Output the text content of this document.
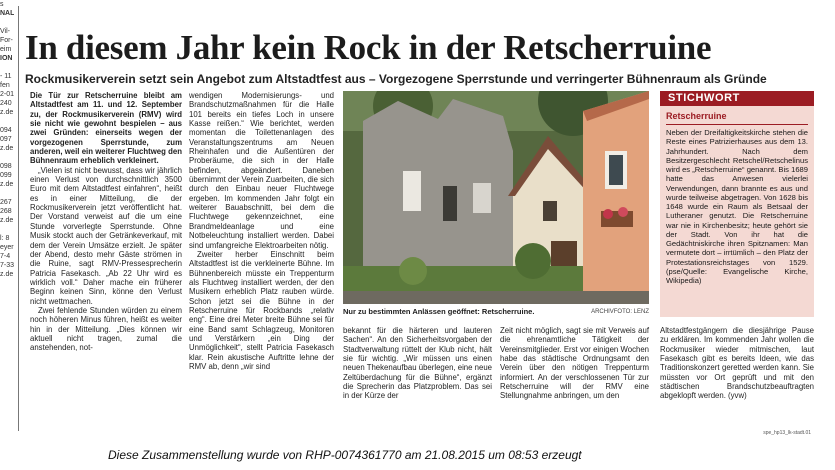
s
NAL
Vil-
For-
eim
ION
- 11
fen
2-01
240
z.de
094
097
z.de
098
099
z.de
267
268
z.de
l: 8
eyer
7-4
7-33
z.de
In diesem Jahr kein Rock in der Retscherruine
Rockmusikerverein setzt sein Angebot zum Altstadtfest aus – Vorgezogene Sperrstunde und verringerter Bühnenraum als Gründe

Die Tür zur Retscherruine bleibt am Altstadtfest am 11. und 12. September zu, der Rockmusikerverein (RMV) wird sie nicht wie gewohnt bespielen – aus zwei Gründen: einerseits wegen der vorgezogenen Sperrstunde, zum anderen, weil ein weiterer Fluchtweg den Bühnenraum erheblich verkleinert.

„Vielen ist nicht bewusst, dass wir jährlich einen Verlust von durchschnittlich 3500 Euro mit dem Altstadtfest einfahren“, heißt es in einer Mitteilung, die der Rockmusikerverein jetzt veröffentlicht hat. Der Vorstand verweist auf die um eine Stunde vorverlegte Sperrstunde. Ohne Musik stockt auch der Getränkeverkauf, mit dem der Verein Umsätze erzielt. Je später der Abend, desto mehr Gäste strömen in die Ruine, sagt RMV-Pressesprecherin Patricia Fasekasch. „Ab 22 Uhr wird es wirklich voll.“ Daher mache ein früherer Beginn keinen Sinn, könne den Verlust nicht wettmachen.

Zwei fehlende Stunden würden zu einem noch höheren Minus führen, heißt es weiter hin in der Mitteilung. „Dies können wir aktuell nicht tragen, zumal die anstehenden, not-

wendigen Modernisierungs- und Brandschutzmaßnahmen für die Halle 101 bereits ein tiefes Loch in unsere Kasse reißen.“ Wie berichtet, werden momentan die Toilettenanlagen des Veranstaltungszentrums am Neuen Rheinhafen und die Außentüren der Proberäume, die sich in der Halle befinden, abgeändert. Daneben übernimmt der Verein Zuarbeiten, die sich durch den Einbau neuer Fluchtwege ergeben. Im kommenden Jahr folgt ein weiterer Bauabschnitt, bei dem die Fluchtwege gekennzeichnet, eine Brandmeldeanlage und eine Notbeleuchtung installiert werden. Dabei sind umfangreiche Elektroarbeiten nötig.

Zweiter herber Einschnitt beim Altstadtfest ist die verkleinerte Bühne. Im Bühnenbereich müsste ein Treppenturm als Fluchtweg installiert werden, der den Musikern erheblich Platz rauben würde. Schon jetzt sei die Bühne in der Retscherruine für Rockbands „relativ eng“. Eine drei Meter breite Bühne sei für eine Band samt Schlagzeug, Monitoren und Verstärkern „ein Ding der Unmöglichkeit“, stellt Patricia Fasekasch klar. Rein akustische Auftritte lehne der RMV ab, denn „wir sind

Nur zu bestimmten Anlässen geöffnet: Retscherruine.	ARCHIVFOTO: LENZ

bekannt für die härteren und lauteren Sachen“. An den Sicherheitsvorgaben der Stadtverwaltung rüttelt der Klub nicht, hält sie für wichtig. „Wir müssen uns einen neuen Thekenaufbau überlegen, eine neue Zeltüberdachung für die Bühne“, ergänzt die Sprecherin das Platzproblem. Das sei in der Kürze der

Zeit nicht möglich, sagt sie mit Verweis auf die ehrenamtliche Tätigkeit der Vereinsmitglieder. Erst vor einigen Wochen habe das städtische Ordnungsamt den Verein über den nötigen Treppenturm informiert. An der verschlossenen Tür zur Retscherruine will der RMV eine Stellungnahme anbringen, um den

STICHWORT
Retscherruine
Neben der Dreifaltigkeitskirche stehen die Reste eines Patrizierhauses aus dem 13. Jahrhundert. Nach dem Besitzergeschlecht Retschel/Retschelinus wird es „Retscherruine“ genannt. Bis 1689 hatte das Anwesen vielerlei Verwendungen, dann brannte es aus und wurde teilweise abgetragen. Von 1628 bis 1648 wurde ein Raum als Betsaal der Lutheraner genutzt. Die Retscherruine war nie in Kirchenbesitz; heute gehört sie der Stadt. Von ihr hat die Gedächtniskirche ihren Spitznamen: Man vermutete dort – irrtümlich – den Platz der Protestationsreichstages von 1529. (pse/Quelle: Evangelische Kirche, Wikipedia)

Altstadtfestgängern die diesjährige Pause zu erklären. Im kommenden Jahr wollen die Rockmusiker wieder mitmischen, laut Fasekasch gibt es bereits Ideen, wie das Traditionskonzert geretted werden kann. Sie müssten vor Ort geprüft und mit den städtischen Brandschutzbeauftragten abgeklopft werden. (yvw)

spe_hp13_lk-stadt.01
Diese Zusammenstellung wurde von RHP-0074361770 am 21.08.2015 um 08:53 erzeugt
